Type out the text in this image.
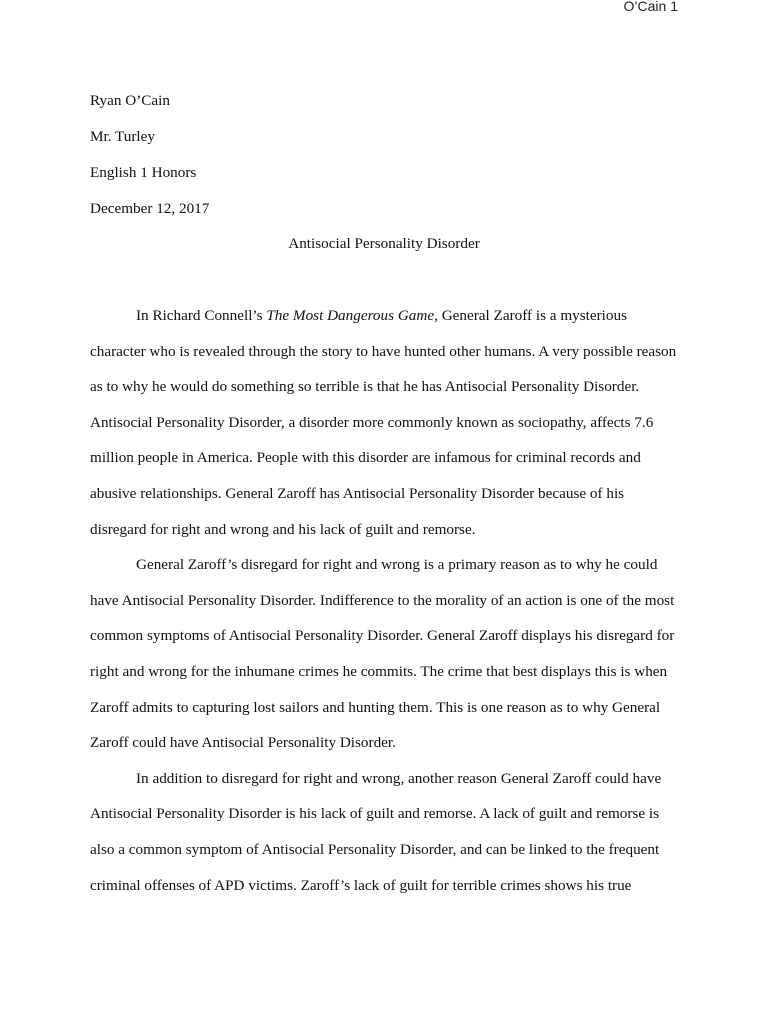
O’Cain 1
Ryan O’Cain
Mr. Turley
English 1 Honors
December 12, 2017
Antisocial Personality Disorder
In Richard Connell’s The Most Dangerous Game, General Zaroff is a mysterious
character who is revealed through the story to have hunted other humans. A very possible reason
as to why he would do something so terrible is that he has Antisocial Personality Disorder.
Antisocial Personality Disorder, a disorder more commonly known as sociopathy, affects 7.6
million people in America. People with this disorder are infamous for criminal records and
abusive relationships. General Zaroff has Antisocial Personality Disorder because of his
disregard for right and wrong and his lack of guilt and remorse.
General Zaroff’s disregard for right and wrong is a primary reason as to why he could
have Antisocial Personality Disorder. Indifference to the morality of an action is one of the most
common symptoms of Antisocial Personality Disorder. General Zaroff displays his disregard for
right and wrong for the inhumane crimes he commits. The crime that best displays this is when
Zaroff admits to capturing lost sailors and hunting them. This is one reason as to why General
Zaroff could have Antisocial Personality Disorder.
In addition to disregard for right and wrong, another reason General Zaroff could have
Antisocial Personality Disorder is his lack of guilt and remorse. A lack of guilt and remorse is
also a common symptom of Antisocial Personality Disorder, and can be linked to the frequent
criminal offenses of APD victims. Zaroff’s lack of guilt for terrible crimes shows his true
